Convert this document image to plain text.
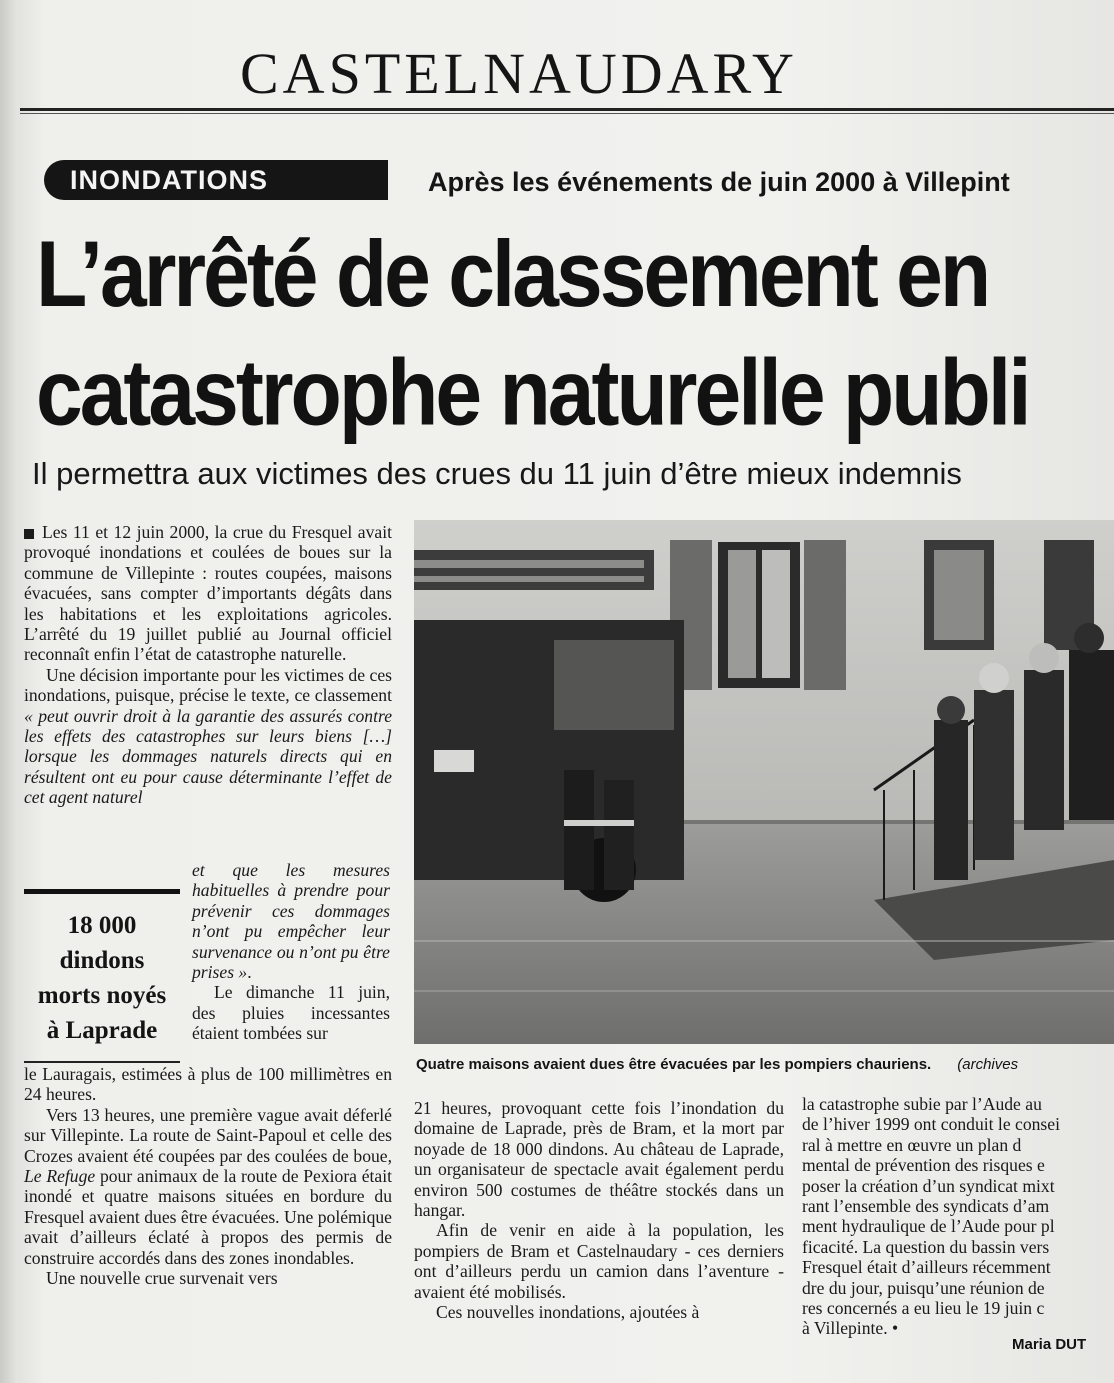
CASTELNAUDARY
INONDATIONS	Après les événements de juin 2000 à Villepint
L’arrêté de classement en
catastrophe naturelle publi
Il permettra aux victimes des crues du 11 juin d’être mieux indemnis

Les 11 et 12 juin 2000, la crue du Fresquel avait provoqué inondations et coulées de boues sur la commune de Villepinte : routes coupées, maisons évacuées, sans compter d’importants dégâts dans les habitations et les exploitations agricoles. L’arrêté du 19 juillet publié au Journal officiel reconnaît enfin l’état de catastrophe naturelle.

Une décision importante pour les victimes de ces inondations, puisque, précise le texte, ce classement « peut ouvrir droit à la garantie des assurés contre les effets des catastrophes sur leurs biens […] lorsque les dommages naturels directs qui en résultent ont eu pour cause déterminante l’effet de cet agent naturel

et que les mesures habituelles à prendre pour prévenir ces dommages n’ont pu empêcher leur survenance ou n’ont pu être prises ».

Le dimanche 11 juin, des pluies incessantes étaient tombées sur

18 000
dindons
morts noyés
à Laprade

le Lauragais, estimées à plus de 100 millimètres en 24 heures.

Vers 13 heures, une première vague avait déferlé sur Villepinte. La route de Saint-Papoul et celle des Crozes avaient été coupées par des coulées de boue, Le Refuge pour animaux de la route de Pexiora était inondé et quatre maisons situées en bordure du Fresquel avaient dues être évacuées. Une polémique avait d’ailleurs éclaté à propos des permis de construire accordés dans des zones inondables.

Une nouvelle crue survenait vers

Quatre maisons avaient dues être évacuées par les pompiers chauriens. (archives

21 heures, provoquant cette fois l’inondation du domaine de Laprade, près de Bram, et la mort par noyade de 18 000 dindons. Au château de Laprade, un organisateur de spectacle avait également perdu environ 500 costumes de théâtre stockés dans un hangar.

Afin de venir en aide à la population, les pompiers de Bram et Castelnaudary - ces derniers ont d’ailleurs perdu un camion dans l’aventure - avaient été mobilisés.

Ces nouvelles inondations, ajoutées à

la catastrophe subie par l’Aude au

de l’hiver 1999 ont conduit le consei

ral à mettre en œuvre un plan d

mental de prévention des risques e

poser la création d’un syndicat mixt

rant l’ensemble des syndicats d’am

ment hydraulique de l’Aude pour pl

ficacité. La question du bassin vers

Fresquel était d’ailleurs récemment

dre du jour, puisqu’une réunion de

res concernés a eu lieu le 19 juin c

à Villepinte. •

Maria DUT
